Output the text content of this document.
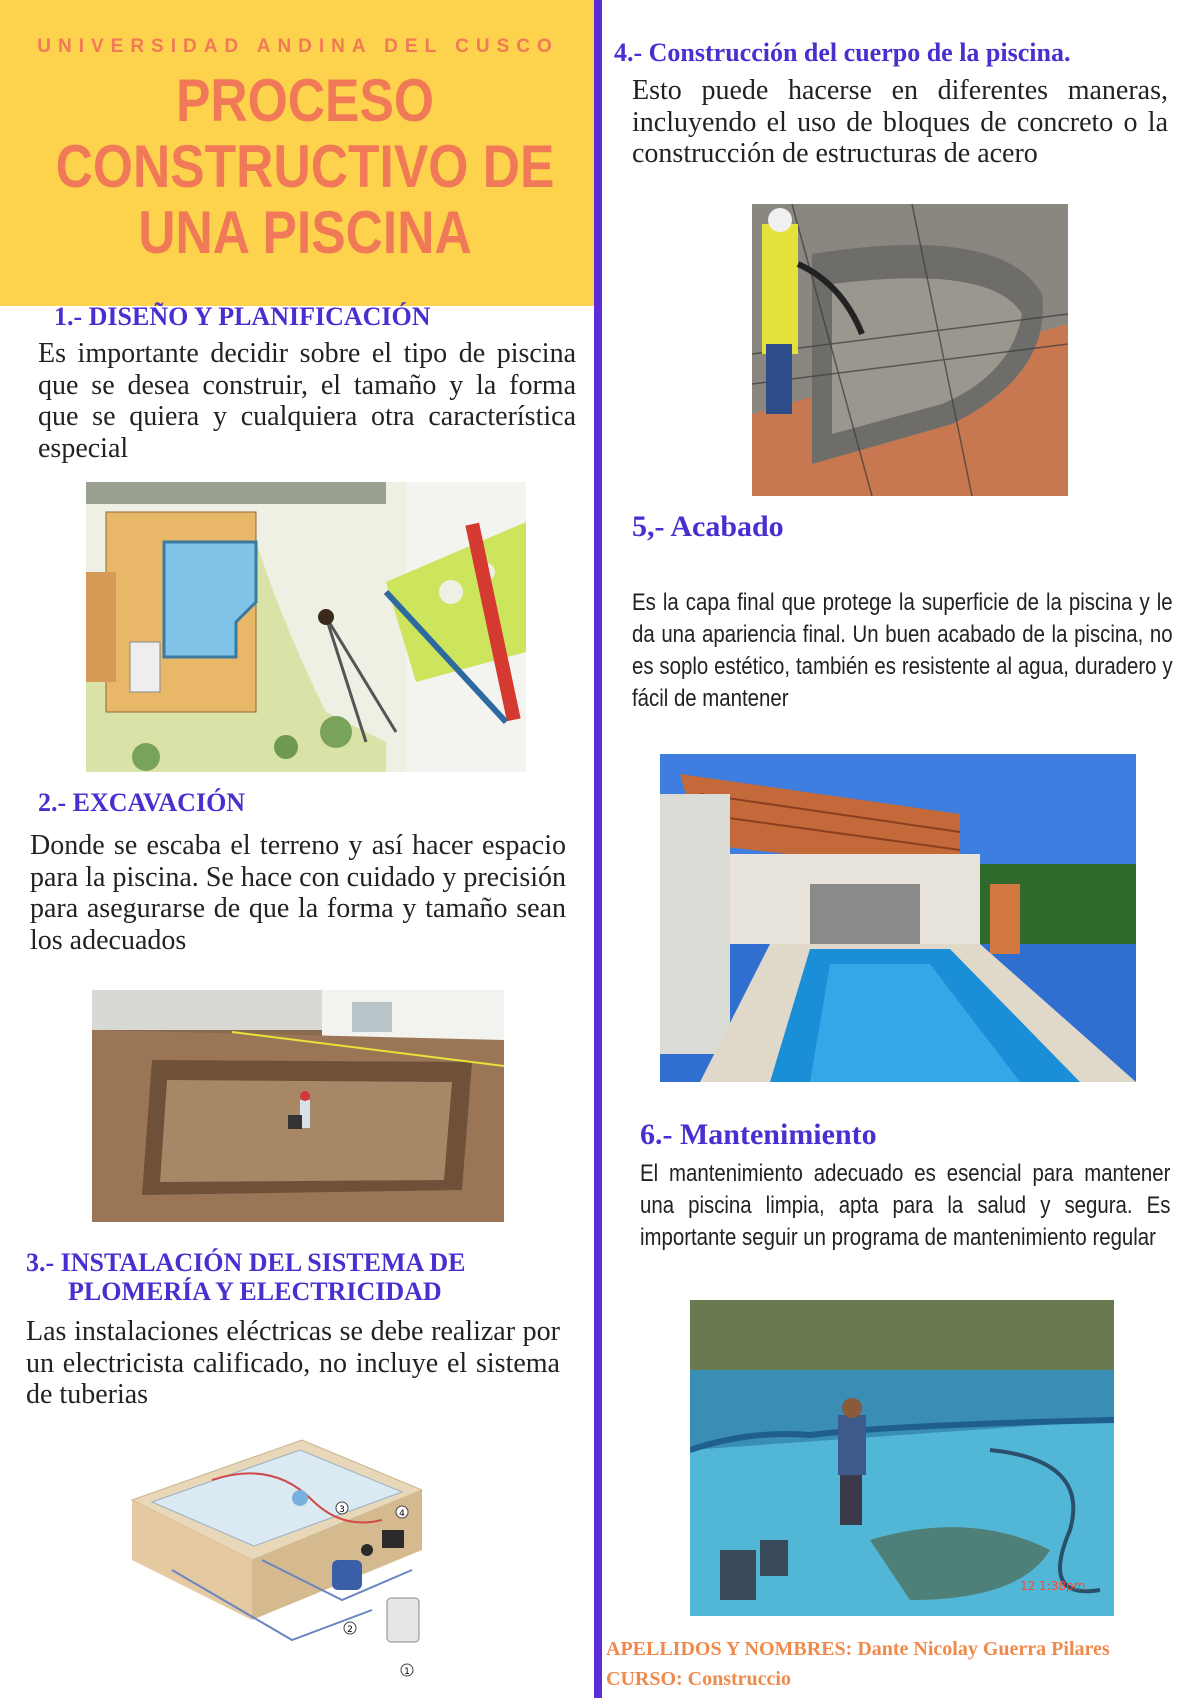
UNIVERSIDAD ANDINA DEL CUSCO
PROCESO
CONSTRUCTIVO DE
UNA PISCINA
1.- DISEÑO Y PLANIFICACIÓN
Es importante decidir sobre el tipo de piscina que se desea construir, el tamaño y la forma que se quiera y cualquiera otra característica especial
2.- EXCAVACIÓN
Donde se escaba el terreno y así hacer espacio para la piscina. Se hace con cuidado y precisión para asegurarse de que la forma y tamaño sean los adecuados
3.- INSTALACIÓN DEL SISTEMA DE
PLOMERÍA Y ELECTRICIDAD
Las instalaciones eléctricas se debe realizar por un electricista calificado, no incluye el sistema de tuberias
1
2
3	4
4.- Construcción del cuerpo de la piscina.
Esto puede hacerse en diferentes maneras, incluyendo el uso de bloques de concreto o la construcción de estructuras de acero
5,- Acabado
Es la capa final que protege la superficie de la piscina y le da una apariencia final. Un buen acabado de la piscina, no es soplo estético, también es resistente al agua, duradero y fácil de mantener
6.- Mantenimiento
El mantenimiento adecuado es esencial para mantener una piscina limpia, apta para la salud y segura. Es importante seguir un programa de mantenimiento regular
12 1:38pm
APELLIDOS Y NOMBRES: Dante Nicolay Guerra Pilares
CURSO: Construccio
